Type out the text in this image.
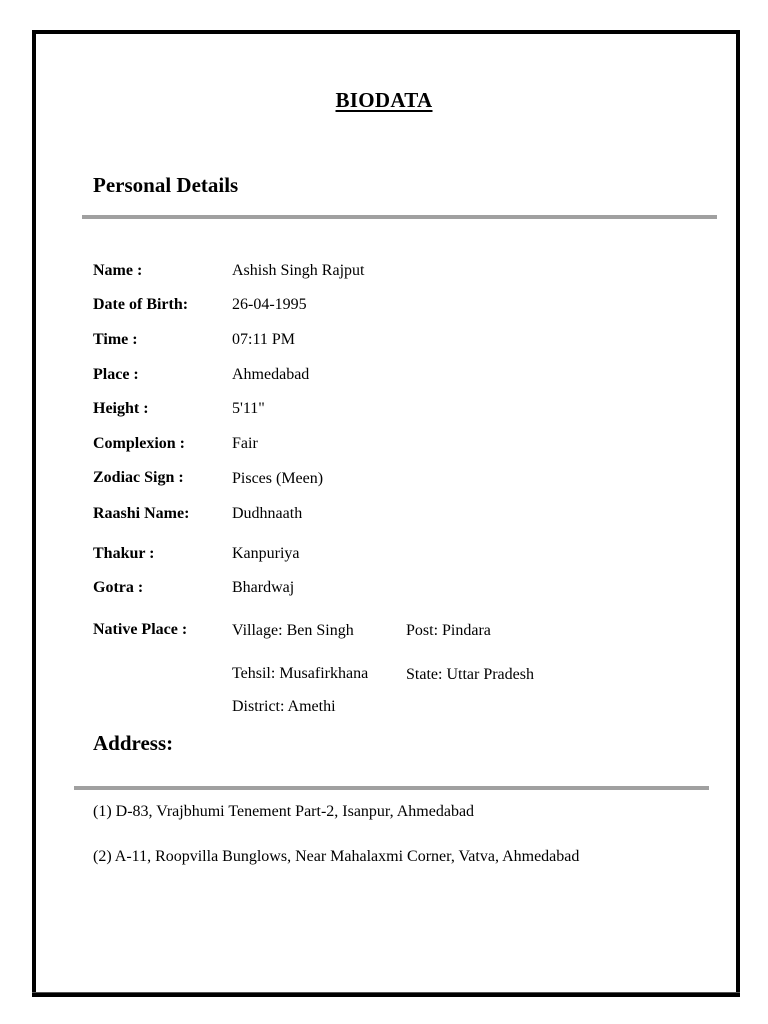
BIODATA
Personal Details
Name :	Ashish Singh Rajput
Date of Birth:	26-04-1995
Time :	07:11 PM
Place :	Ahmedabad
Height :	5'11"
Complexion :	Fair
Zodiac Sign :	Pisces (Meen)
Raashi Name:	Dudhnaath
Thakur :	Kanpuriya
Gotra :	Bhardwaj
Native Place :	Village: Ben Singh	Post: Pindara
Tehsil: Musafirkhana State: Uttar Pradesh
District: Amethi
Address:
(1) D-83, Vrajbhumi Tenement Part-2, Isanpur, Ahmedabad
(2) A-11, Roopvilla Bunglows, Near Mahalaxmi Corner, Vatva, Ahmedabad
